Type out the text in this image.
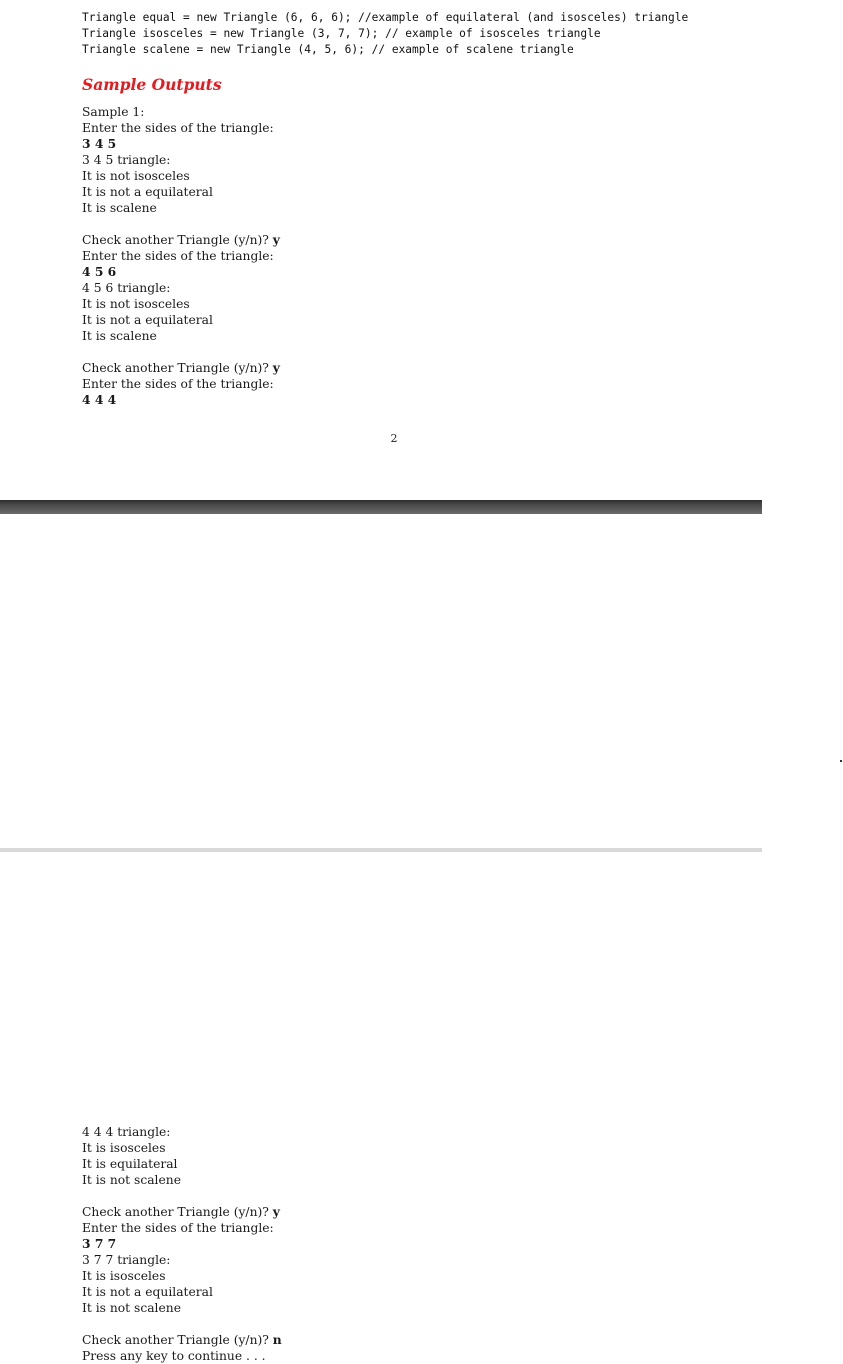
Triangle equal = new Triangle (6, 6, 6); //example of equilateral (and isosceles) triangle
Triangle isosceles = new Triangle (3, 7, 7); // example of isosceles triangle
Triangle scalene = new Triangle (4, 5, 6); // example of scalene triangle
Sample Outputs
Sample 1:
Enter the sides of the triangle:
3 4 5
3 4 5 triangle:
It is not isosceles
It is not a equilateral
It is scalene
Check another Triangle (y/n)? y
Enter the sides of the triangle:
4 5 6
4 5 6 triangle:
It is not isosceles
It is not a equilateral
It is scalene
Check another Triangle (y/n)? y
Enter the sides of the triangle:
4 4 4
2
4 4 4 triangle:
It is isosceles
It is equilateral
It is not scalene
Check another Triangle (y/n)? y
Enter the sides of the triangle:
3 7 7
3 7 7 triangle:
It is isosceles
It is not a equilateral
It is not scalene
Check another Triangle (y/n)? n
Press any key to continue . . .
